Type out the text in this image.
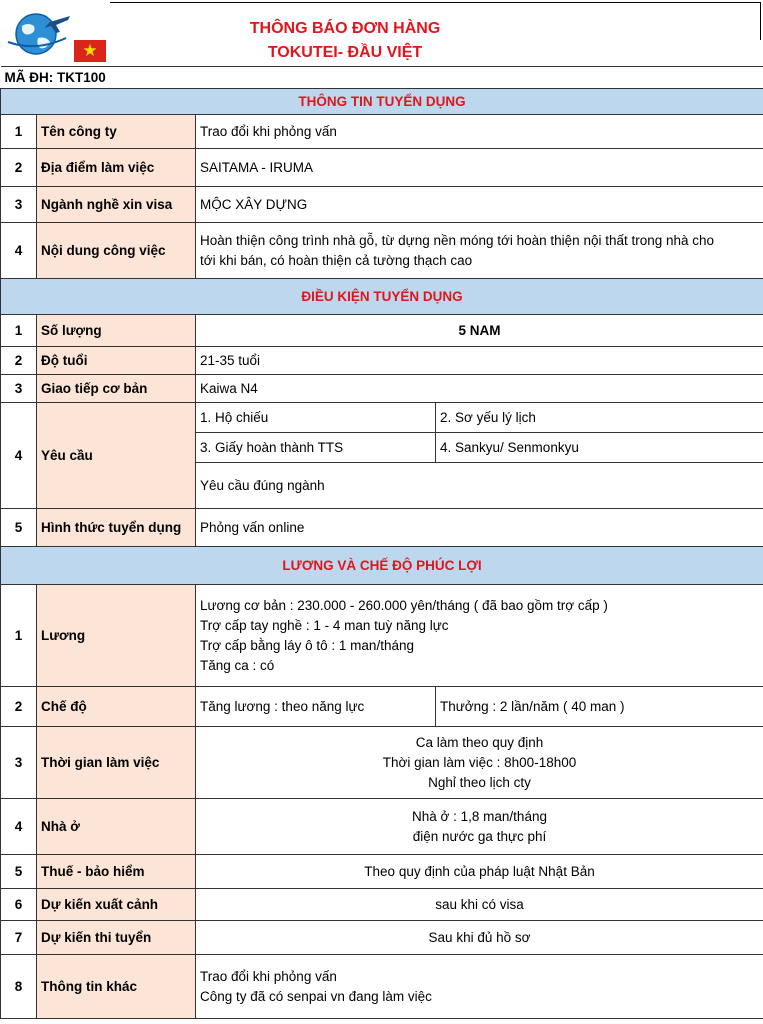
★
THÔNG BÁO ĐƠN HÀNG
TOKUTEI- ĐẦU VIỆT
MÃ ĐH: TKT100			
THÔNG TIN TUYỂN DỤNG			
1	Tên công ty	Trao đổi khi phỏng vấn	
2	Địa điểm làm việc	SAITAMA - IRUMA	
3	Ngành nghề xin visa	MỘC XÂY DỰNG	
4	Nội dung công việc	Hoàn thiện công trình nhà gỗ, từ dựng nền móng tới hoàn thiện nội thất trong nhà cho
tới khi bán, có hoàn thiện cả tường thạch cao	

ĐIỀU KIỆN TUYỂN DỤNG			
1	Số lượng	5 NAM	
2	Độ tuổi	21-35 tuổi	
3	Giao tiếp cơ bản	Kaiwa N4	
4	Yêu cầu	1. Hộ chiếu	2. Sơ yếu lý lịch
		3. Giấy hoàn thành TTS	4. Sankyu/ Senmonkyu
		Yêu cầu đúng ngành	
5	Hình thức tuyển dụng	Phỏng vấn online	
LƯƠNG VÀ CHẾ ĐỘ PHÚC LỢI			
1	Lương	Lương cơ bản : 230.000 - 260.000 yên/tháng ( đã bao gồm trợ cấp )
Trợ cấp tay nghề : 1 - 4 man tuỳ năng lực
Trợ cấp bằng láy ô tô : 1 man/tháng
Tăng ca : có	

2	Chế độ	Tăng lương : theo năng lực	Thưởng : 2 lần/năm ( 40 man )
3	Thời gian làm việc	Ca làm theo quy định
Thời gian làm việc : 8h00-18h00
Nghỉ theo lịch cty	

4	Nhà ở	Nhà ở : 1,8 man/tháng
điện nước ga thực phí	

5	Thuế - bảo hiểm	Theo quy định của pháp luật Nhật Bản	
6	Dự kiến xuất cảnh	sau khi có visa	
7	Dự kiến thi tuyển	Sau khi đủ hồ sơ	
8	Thông tin khác	Trao đổi khi phỏng vấn
Công ty đã có senpai vn đang làm việc	
